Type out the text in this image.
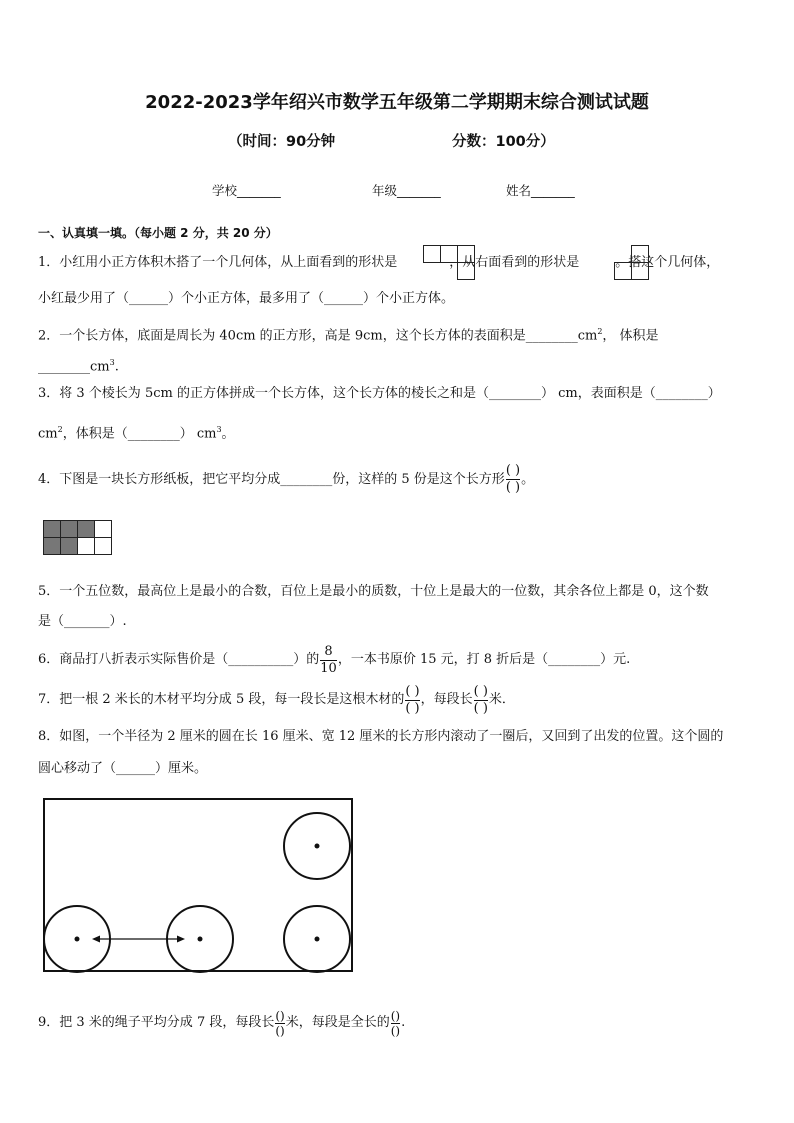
2022-2023学年绍兴市数学五年级第二学期期末综合测试试题
（时间：90分钟	分数：100分）
学校_______	年级_______	姓名_______
一、认真填一填。（每小题 2 分，共 20 分）
1．小红用小正方体积木搭了一个几何体，从上面看到的形状是	，从右面看到的形状是	。搭这个几何体，

小红最少用了（______）个小正方体，最多用了（______）个小正方体。
2．一个长方体，底面是周长为 40cm 的正方形，高是 9cm，这个长方体的表面积是$\_\_\_\_\_\_\_\_cm^2$， 体积是
$\_\_\_\_\_\_\_\_cm^3$.
3．将 3 个棱长为 5cm 的正方体拼成一个长方体，这个长方体的棱长之和是（________） cm，表面积是（________）
$cm^2$，体积是（________） $cm^3$。
4．下图是一块长方形纸板，把它平均分成________份，这样的 5 份是这个长方形
( )
( )
。

5．一个五位数，最高位上是最小的合数，百位上是最小的质数，十位上是最大的一位数，其余各位上都是 0，这个数
是（_______）.
6．商品打八折表示实际售价是（__________）的
8
10
，一本书原价 15 元，打 8 折后是（________）元.
7．把一根 2 米长的木材平均分成 5 段，每一段长是这根木材的
( )
( )
，每段长
( )
( )
米．
8．如图，一个半径为 2 厘米的圆在长 16 厘米、宽 12 厘米的长方形内滚动了一圈后，又回到了出发的位置。这个圆的
圆心移动了（______）厘米。
9．把 3 米的绳子平均分成 7 段，每段长 ()
()
米，每段是全长的 ()
()
.
